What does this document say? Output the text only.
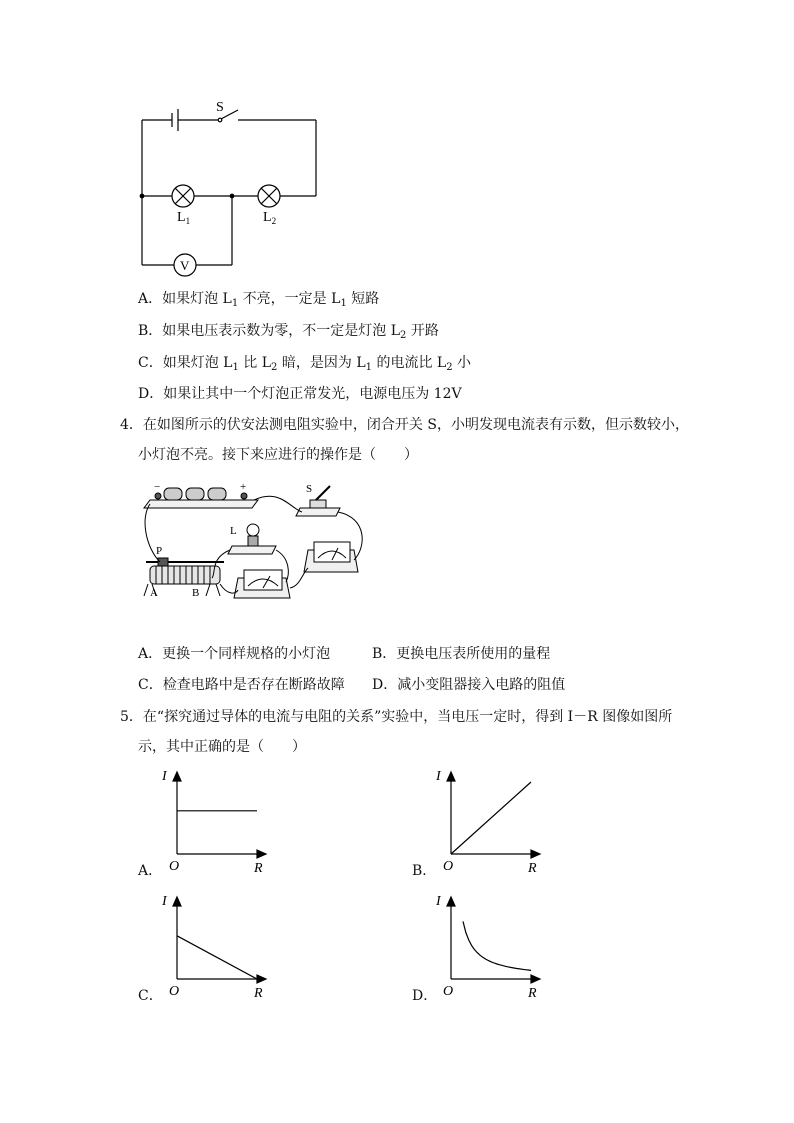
S
$L_1$	$L_2$
V
A．如果灯泡 $L_1$ 不亮，一定是 $L_1$ 短路
B．如果电压表示数为零，不一定是灯泡 $L_2$ 开路
C．如果灯泡 $L_1$ 比 $L_2$ 暗，是因为 $L_1$ 的电流比 $L_2$ 小
D．如果让其中一个灯泡正常发光，电源电压为 12V
4．在如图所示的伏安法测电阻实验中，闭合开关 S，小明发现电流表有示数，但示数较小，
小灯泡不亮。接下来应进行的操作是（　　）
−	+	S
L
P
A	B
A．更换一个同样规格的小灯泡	B．更换电压表所使用的量程
C．检查电路中是否存在断路故障 D．减小变阻器接入电路的阻值
5．在“探究通过导体的电流与电阻的关系”实验中，当电压一定时，得到 I－R 图像如图所
示，其中正确的是（　　）
A．
I
R
O	B．
I
R
O
C．
I
R
O	D．
I
R
O
